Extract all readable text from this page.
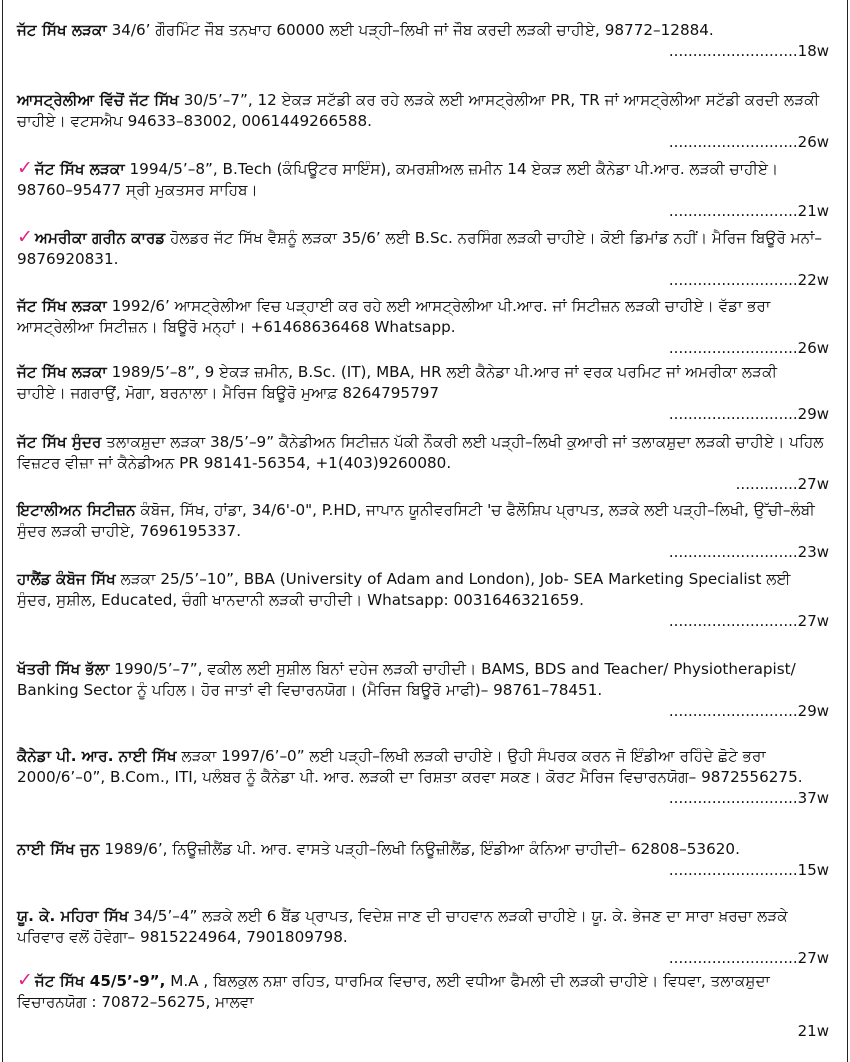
ਜੱਟ ਸਿੱਖ ਲੜਕਾ 34/6’ ਗੌਰਮਿੰਟ ਜੌਬ ਤਨਖਾਹ 60000 ਲਈ ਪੜ੍ਹੀ–ਲਿਖੀ ਜਾਂ ਜੌਬ ਕਰਦੀ ਲੜਕੀ ਚਾਹੀਏ, 98772–12884.
...........................18w
ਆਸਟ੍ਰੇਲੀਆ ਵਿੱਚੋਂ ਜੱਟ ਸਿੱਖ 30/5’–7”, 12 ਏਕੜ ਸਟੱਡੀ ਕਰ ਰਹੇ ਲੜਕੇ ਲਈ ਆਸਟ੍ਰੇਲੀਆ PR, TR ਜਾਂ ਆਸਟ੍ਰੇਲੀਆ ਸਟੱਡੀ ਕਰਦੀ ਲੜਕੀ ਚਾਹੀਏ। ਵਟਸਐਪ 94633–83002, 0061449266588.
...........................26w
✓ ਜੱਟ ਸਿੱਖ ਲੜਕਾ 1994/5’–8”, B.Tech (ਕੰਪਿਊਟਰ ਸਾਇੰਸ), ਕਮਰਸ਼ੀਅਲ ਜ਼ਮੀਨ 14 ਏਕੜ ਲਈ ਕੈਨੇਡਾ ਪੀ.ਆਰ. ਲੜਕੀ ਚਾਹੀਏ। 98760–95477 ਸ੍ਰੀ ਮੁਕਤਸਰ ਸਾਹਿਬ।
...........................21w
✓ ਅਮਰੀਕਾ ਗਰੀਨ ਕਾਰਡ ਹੋਲਡਰ ਜੱਟ ਸਿੱਖ ਵੈਸ਼ਨੂੰ ਲੜਕਾ 35/6’ ਲਈ B.Sc. ਨਰਸਿੰਗ ਲੜਕੀ ਚਾਹੀਏ। ਕੋਈ ਡਿਮਾਂਡ ਨਹੀਂ। ਮੈਰਿਜ ਬਿਊਰੋ ਮਨਾਂ– 9876920831.
...........................22w
ਜੱਟ ਸਿੱਖ ਲੜਕਾ 1992/6’ ਆਸਟ੍ਰੇਲੀਆ ਵਿਚ ਪੜ੍ਹਾਈ ਕਰ ਰਹੇ ਲਈ ਆਸਟ੍ਰੇਲੀਆ ਪੀ.ਆਰ. ਜਾਂ ਸਿਟੀਜ਼ਨ ਲੜਕੀ ਚਾਹੀਏ। ਵੱਡਾ ਭਰਾ ਆਸਟ੍ਰੇਲੀਆ ਸਿਟੀਜ਼ਨ। ਬਿਊਰੋ ਮਨ੍ਹਾਂ। +61468636468 Whatsapp.
...........................26w
ਜੱਟ ਸਿੱਖ ਲੜਕਾ 1989/5’–8”, 9 ਏਕੜ ਜ਼ਮੀਨ, B.Sc. (IT), MBA, HR ਲਈ ਕੈਨੇਡਾ ਪੀ.ਆਰ ਜਾਂ ਵਰਕ ਪਰਮਿਟ ਜਾਂ ਅਮਰੀਕਾ ਲੜਕੀ ਚਾਹੀਏ। ਜਗਰਾਉਂ, ਮੋਗਾ, ਬਰਨਾਲਾ। ਮੈਰਿਜ ਬਿਊਰੋ ਮੁਆਫ਼ 8264795797
...........................29w
ਜੱਟ ਸਿੱਖ ਸੁੰਦਰ ਤਲਾਕਸ਼ੁਦਾ ਲੜਕਾ 38/5’–9” ਕੈਨੇਡੀਅਨ ਸਿਟੀਜ਼ਨ ਪੱਕੀ ਨੌਕਰੀ ਲਈ ਪੜ੍ਹੀ–ਲਿਖੀ ਕੁਆਰੀ ਜਾਂ ਤਲਾਕਸ਼ੁਦਾ ਲੜਕੀ ਚਾਹੀਏ। ਪਹਿਲ ਵਿਜ਼ਟਰ ਵੀਜ਼ਾ ਜਾਂ ਕੈਨੇਡੀਅਨ PR 98141-56354, +1(403)9260080.
.............27w
ਇਟਾਲੀਅਨ ਸਿਟੀਜ਼ਨ ਕੰਬੋਜ, ਸਿੱਖ, ਹਾਂਡਾ, 34/6'-0", P.HD, ਜਾਪਾਨ ਯੂਨੀਵਰਸਿਟੀ 'ਚ ਫੈਲੋਸ਼ਿਪ ਪ੍ਰਾਪਤ, ਲੜਕੇ ਲਈ ਪੜ੍ਹੀ–ਲਿਖੀ, ਉੱਚੀ–ਲੰਬੀ ਸੁੰਦਰ ਲੜਕੀ ਚਾਹੀਏ, 7696195337.
...........................23w
ਹਾਲੈਂਡ ਕੰਬੋਜ ਸਿੱਖ ਲੜਕਾ 25/5’–10”, BBA (University of Adam and London), Job- SEA Marketing Specialist ਲਈ ਸੁੰਦਰ, ਸੁਸ਼ੀਲ, Educated, ਚੰਗੀ ਖਾਨਦਾਨੀ ਲੜਕੀ ਚਾਹੀਦੀ। Whatsapp: 0031646321659.
...........................27w
ਖੱਤਰੀ ਸਿੱਖ ਭੱਲਾ 1990/5’–7”, ਵਕੀਲ ਲਈ ਸੁਸ਼ੀਲ ਬਿਨਾਂ ਦਹੇਜ ਲੜਕੀ ਚਾਹੀਦੀ। BAMS, BDS and Teacher/ Physiotherapist/ Banking Sector ਨੂੰ ਪਹਿਲ। ਹੋਰ ਜਾਤਾਂ ਵੀ ਵਿਚਾਰਨਯੋਗ। (ਮੈਰਿਜ ਬਿਊਰੋ ਮਾਫੀ)– 98761–78451.
...........................29w
ਕੈਨੇਡਾ ਪੀ. ਆਰ. ਨਾਈ ਸਿੱਖ ਲੜਕਾ 1997/6’–0” ਲਈ ਪੜ੍ਹੀ–ਲਿਖੀ ਲੜਕੀ ਚਾਹੀਏ। ਉਹੀ ਸੰਪਰਕ ਕਰਨ ਜੋ ਇੰਡੀਆ ਰਹਿੰਦੇ ਛੋਟੇ ਭਰਾ 2000/6’–0”, B.Com., ITI, ਪਲੰਬਰ ਨੂੰ ਕੈਨੇਡਾ ਪੀ. ਆਰ. ਲੜਕੀ ਦਾ ਰਿਸ਼ਤਾ ਕਰਵਾ ਸਕਣ। ਕੋਰਟ ਮੈਰਿਜ ਵਿਚਾਰਨਯੋਗ– 9872556275.
...........................37w
ਨਾਈ ਸਿੱਖ ਜੁਨ 1989/6’, ਨਿਊਜ਼ੀਲੈਂਡ ਪੀ. ਆਰ. ਵਾਸਤੇ ਪੜ੍ਹੀ–ਲਿਖੀ ਨਿਊਜ਼ੀਲੈਂਡ, ਇੰਡੀਆ ਕੰਨਿਆ ਚਾਹੀਦੀ– 62808–53620.
...........................15w
ਯੂ. ਕੇ. ਮਹਿਰਾ ਸਿੱਖ 34/5’–4” ਲੜਕੇ ਲਈ 6 ਬੈਂਡ ਪ੍ਰਾਪਤ, ਵਿਦੇਸ਼ ਜਾਣ ਦੀ ਚਾਹਵਾਨ ਲੜਕੀ ਚਾਹੀਏ। ਯੂ. ਕੇ. ਭੇਜਣ ਦਾ ਸਾਰਾ ਖ਼ਰਚਾ ਲੜਕੇ ਪਰਿਵਾਰ ਵਲੋਂ ਹੋਵੇਗਾ– 9815224964, 7901809798.
...........................27w
✓ ਜੱਟ ਸਿੱਖ 45/5’-9”, M.A , ਬਿਲਕੁਲ ਨਸ਼ਾ ਰਹਿਤ, ਧਾਰਮਿਕ ਵਿਚਾਰ, ਲਈ ਵਧੀਆ ਫੈਮਲੀ ਦੀ ਲੜਕੀ ਚਾਹੀਏ। ਵਿਧਵਾ, ਤਲਾਕਸ਼ੁਦਾ ਵਿਚਾਰਨਯੋਗ : 70872–56275, ਮਾਲਵਾ
21w
